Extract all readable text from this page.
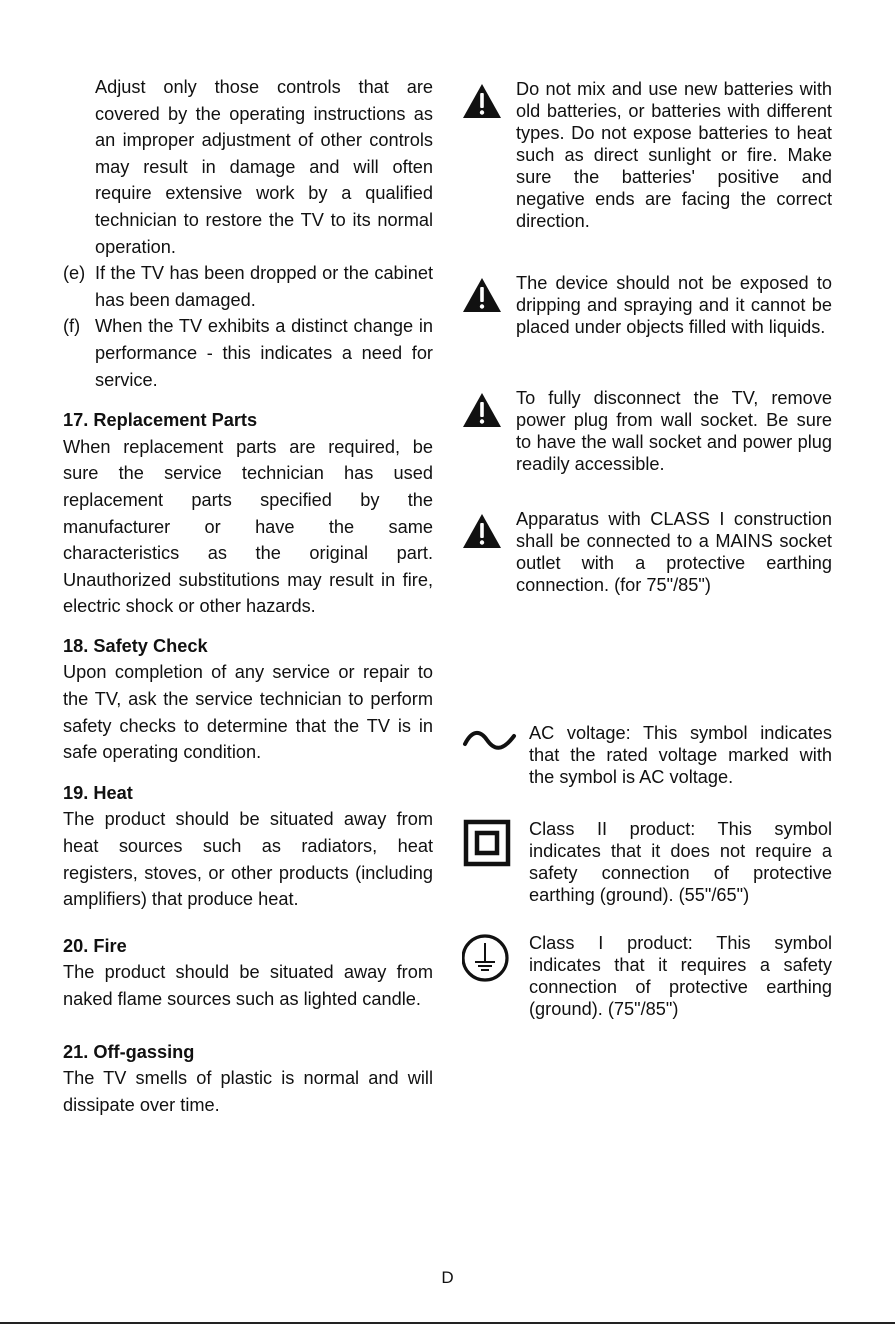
Adjust only those controls that are covered by the operating instructions as an improper adjustment of other controls may result in damage and will often require extensive work by a qualified technician to restore the TV to its normal operation.

(e) If the TV has been dropped or the cabinet has been damaged.

(f) When the TV exhibits a distinct change in performance - this indicates a need for service.

17. Replacement Parts

When replacement parts are required, be sure the service technician has used replacement parts specified by the manufacturer or have the same characteristics as the original part. Unauthorized substitutions may result in fire, electric shock or other hazards.

18. Safety Check

Upon completion of any service or repair to the TV, ask the service technician to perform safety checks to determine that the TV is in safe operating condition.

19. Heat

The product should be situated away from heat sources such as radiators, heat registers, stoves, or other products (including amplifiers) that produce heat.

20. Fire

The product should be situated away from naked flame sources such as lighted candle.

21. Off-gassing

The TV smells of plastic is normal and will dissipate over time.

Do not mix and use new batteries with old batteries, or batteries with different types. Do not expose batteries to heat such as direct sunlight or fire. Make sure the batteries' positive and negative ends are facing the correct direction.

The device should not be exposed to dripping and spraying and it cannot be placed under objects filled with liquids.

To fully disconnect the TV, remove power plug from wall socket. Be sure to have the wall socket and power plug readily accessible.

Apparatus with CLASS I construction shall be connected to a MAINS socket outlet with a protective earthing connection. (for 75"/85")

AC voltage: This symbol indicates that the rated voltage marked with the symbol is AC voltage.

Class II product: This symbol indicates that it does not require a safety connection of protective earthing (ground). (55"/65")

Class I product: This symbol indicates that it requires a safety connection of protective earthing (ground). (75"/85")

D
